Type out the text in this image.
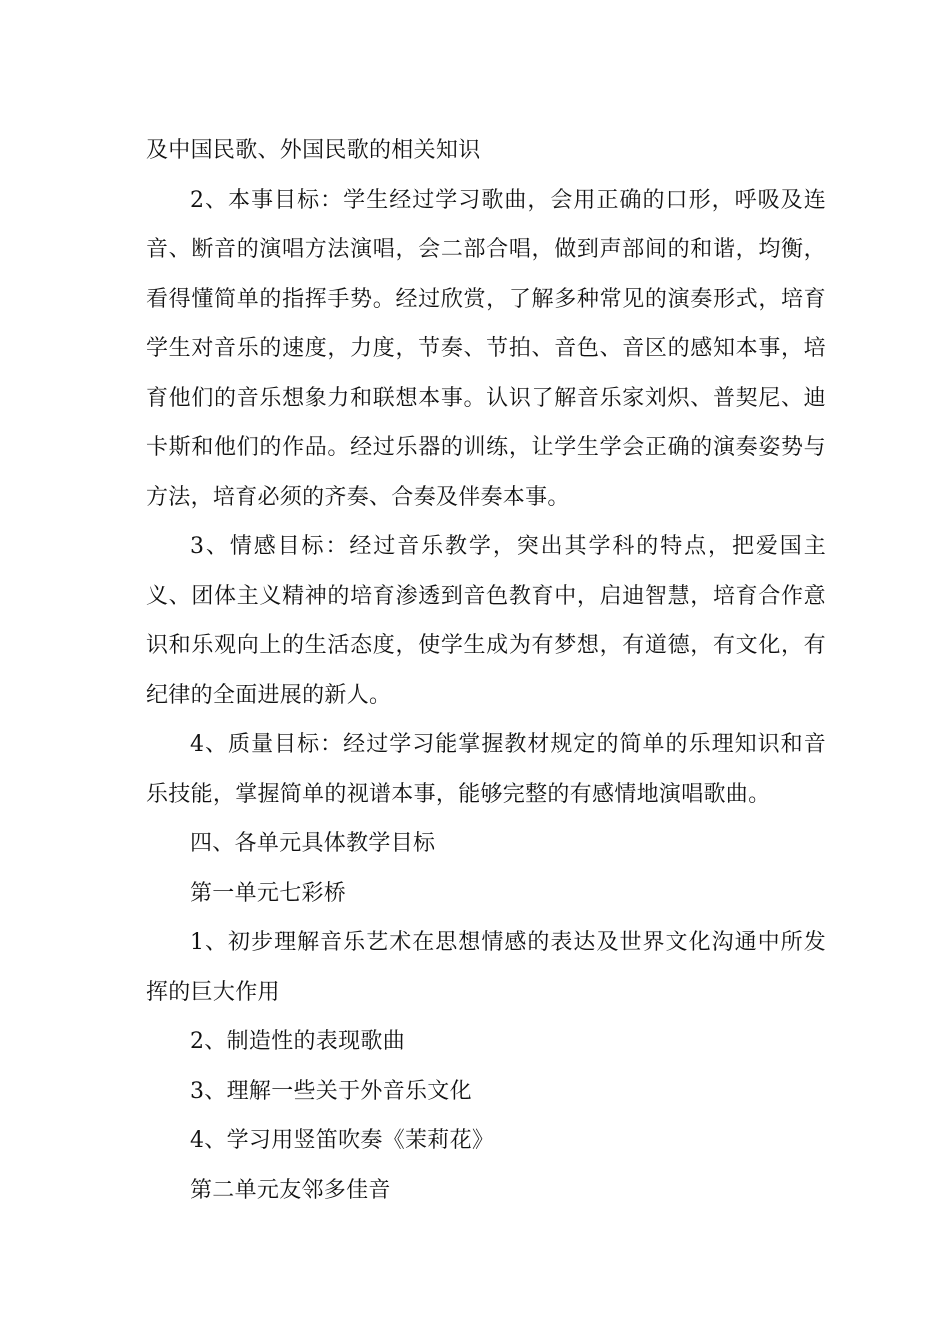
及中国民歌、外国民歌的相关知识

2、本事目标：学生经过学习歌曲，会用正确的口形，呼吸及连音、断音的演唱方法演唱，会二部合唱，做到声部间的和谐，均衡，看得懂简单的指挥手势。经过欣赏，了解多种常见的演奏形式，培育学生对音乐的速度，力度，节奏、节拍、音色、音区的感知本事，培育他们的音乐想象力和联想本事。认识了解音乐家刘炽、普契尼、迪卡斯和他们的作品。经过乐器的训练，让学生学会正确的演奏姿势与方法，培育必须的齐奏、合奏及伴奏本事。

3、情感目标：经过音乐教学，突出其学科的特点，把爱国主义、团体主义精神的培育渗透到音色教育中，启迪智慧，培育合作意识和乐观向上的生活态度，使学生成为有梦想，有道德，有文化，有纪律的全面进展的新人。

4、质量目标：经过学习能掌握教材规定的简单的乐理知识和音乐技能，掌握简单的视谱本事，能够完整的有感情地演唱歌曲。

四、各单元具体教学目标

第一单元七彩桥

1、初步理解音乐艺术在思想情感的表达及世界文化沟通中所发挥的巨大作用

2、制造性的表现歌曲

3、理解一些关于外音乐文化

4、学习用竖笛吹奏《茉莉花》

第二单元友邻多佳音
